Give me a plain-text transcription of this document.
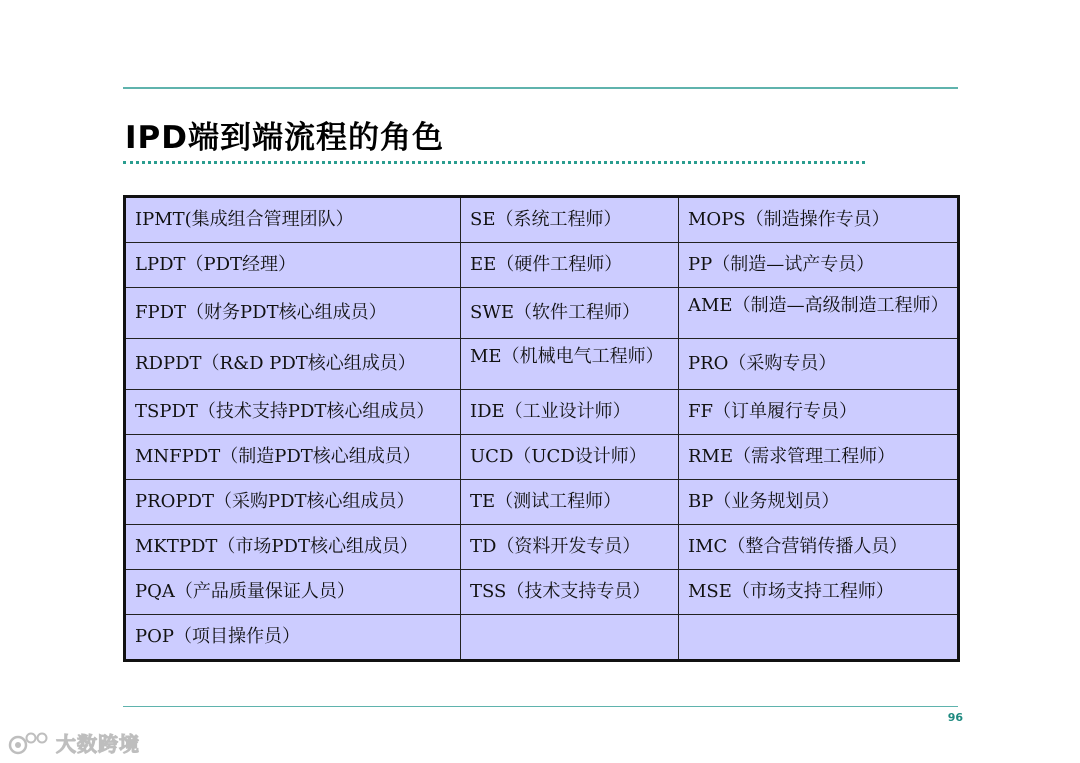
IPD端到端流程的角色
IPMT(集成组合管理团队）	SE（系统工程师）	MOPS（制造操作专员）
LPDT（PDT经理）	EE（硬件工程师）	PP（制造—试产专员）
FPDT（财务PDT核心组成员）	SWE（软件工程师）	AME（制造—高级制造工程师）
RDPDT（R&D PDT核心组成员）	ME（机械电气工程师）	PRO（采购专员）
TSPDT（技术支持PDT核心组成员）	IDE（工业设计师）	FF（订单履行专员）
MNFPDT（制造PDT核心组成员）	UCD（UCD设计师）	RME（需求管理工程师）
PROPDT（采购PDT核心组成员）	TE（测试工程师）	BP（业务规划员）
MKTPDT（市场PDT核心组成员）	TD（资料开发专员）	IMC（整合营销传播人员）
PQA（产品质量保证人员）	TSS（技术支持专员）	MSE（市场支持工程师）
POP（项目操作员）		
96
大数跨境
